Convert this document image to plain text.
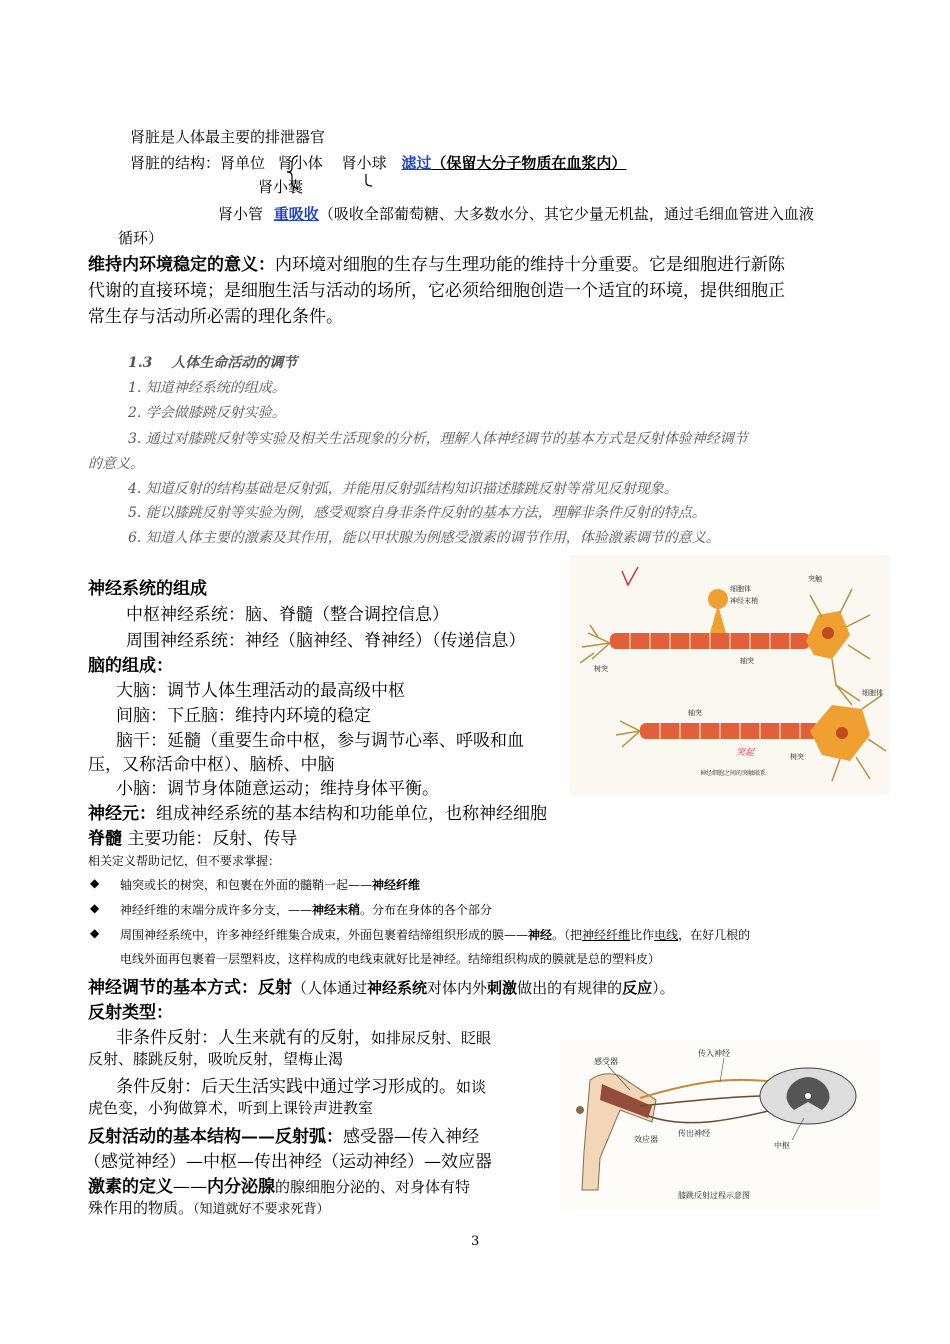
肾脏是人体最主要的排泄器官
肾脏的结构：肾单位 肾小体 肾小球 滤过（保留大分子物质在血浆内）
肾小囊
肾小管 重吸收（吸收全部葡萄糖、大多数水分、其它少量无机盐，通过毛细血管进入血液
循环）
维持内环境稳定的意义：内环境对细胞的生存与生理功能的维持十分重要。它是细胞进行新陈
代谢的直接环境；是细胞生活与活动的场所，它必须给细胞创造一个适宜的环境，提供细胞正
常生存与活动所必需的理化条件。
1.3　 人体生命活动的调节
1. 知道神经系统的组成。
2. 学会做膝跳反射实验。
3. 通过对膝跳反射等实验及相关生活现象的分析，理解人体神经调节的基本方式是反射体验神经调节
的意义。
4. 知道反射的结构基础是反射弧，并能用反射弧结构知识描述膝跳反射等常见反射现象。
5. 能以膝跳反射等实验为例，感受观察自身非条件反射的基本方法，理解非条件反射的特点。
6. 知道人体主要的激素及其作用，能以甲状腺为例感受激素的调节作用，体验激素调节的意义。
神经系统的组成
中枢神经系统：脑、脊髓（整合调控信息）
周围神经系统：神经（脑神经、脊神经）（传递信息）
脑的组成：
大脑：调节人体生理活动的最高级中枢
间脑：下丘脑：维持内环境的稳定
脑干：延髓（重要生命中枢，参与调节心率、呼吸和血
压，又称活命中枢）、脑桥、中脑
小脑：调节身体随意运动；维持身体平衡。
神经元：组成神经系统的基本结构和功能单位，也称神经细胞
脊髓 主要功能：反射、传导
相关定义帮助记忆，但不要求掌握：
◆ 轴突或长的树突，和包裹在外面的髓鞘一起——神经纤维
◆ 神经纤维的末端分成许多分支，——神经末稍。分布在身体的各个部分
◆ 周围神经系统中，许多神经纤维集合成束，外面包裹着结缔组织形成的膜——神经。（把神经纤维比作电线，在好几根的
电线外面再包裹着一层塑料皮，这样构成的电线束就好比是神经。结缔组织构成的膜就是总的塑料皮）
神经调节的基本方式：反射（人体通过神经系统对体内外刺激做出的有规律的反应）。
反射类型：
非条件反射：人生来就有的反射，如排尿反射、眨眼
反射、膝跳反射，吸吮反射，望梅止渴
条件反射：后天生活实践中通过学习形成的。如谈
虎色变，小狗做算术，听到上课铃声进教室
反射活动的基本结构——反射弧：感受器—传入神经
（感觉神经）—中枢—传出神经（运动神经）—效应器
激素的定义——内分泌腺的腺细胞分泌的、对身体有特
殊作用的物质。（知道就好不要求死背）
神经末梢
细胞体
突触
树突
轴突
细胞体
轴突
树突
神经细胞之间的突触联系
突起
感受器
传入神经
效应器
传出神经
中枢
膝跳反射过程示意图
3
